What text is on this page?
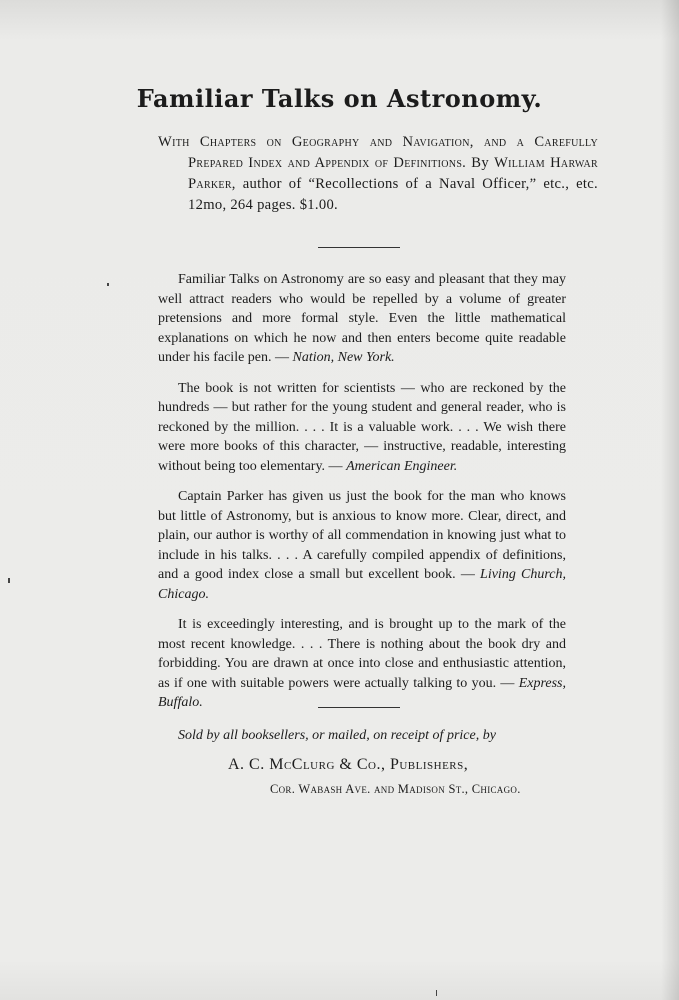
Familiar Talks on Astronomy.
With Chapters on Geography and Navigation, and a Carefully Prepared Index and Appendix of Definitions. By William Harwar Parker, author of “Recollections of a Naval Officer,” etc., etc. 12mo, 264 pages. $1.00.

Familiar Talks on Astronomy are so easy and pleasant that they may well attract readers who would be repelled by a volume of greater pretensions and more formal style. Even the little mathematical explanations on which he now and then enters become quite readable under his facile pen. — Nation, New York.

The book is not written for scientists — who are reckoned by the hundreds — but rather for the young student and general reader, who is reckoned by the million. . . . It is a valuable work. . . . We wish there were more books of this character, — instructive, readable, interesting without being too elementary. — American Engineer.

Captain Parker has given us just the book for the man who knows but little of Astronomy, but is anxious to know more. Clear, direct, and plain, our author is worthy of all commendation in knowing just what to include in his talks. . . . A carefully compiled appendix of definitions, and a good index close a small but excellent book. — Living Church, Chicago.

It is exceedingly interesting, and is brought up to the mark of the most recent knowledge. . . . There is nothing about the book dry and forbidding. You are drawn at once into close and enthusiastic attention, as if one with suitable powers were actually talking to you. — Express, Buffalo.

Sold by all booksellers, or mailed, on receipt of price, by
A. C. McClurg & Co., Publishers,
Cor. Wabash Ave. and Madison St., Chicago.
